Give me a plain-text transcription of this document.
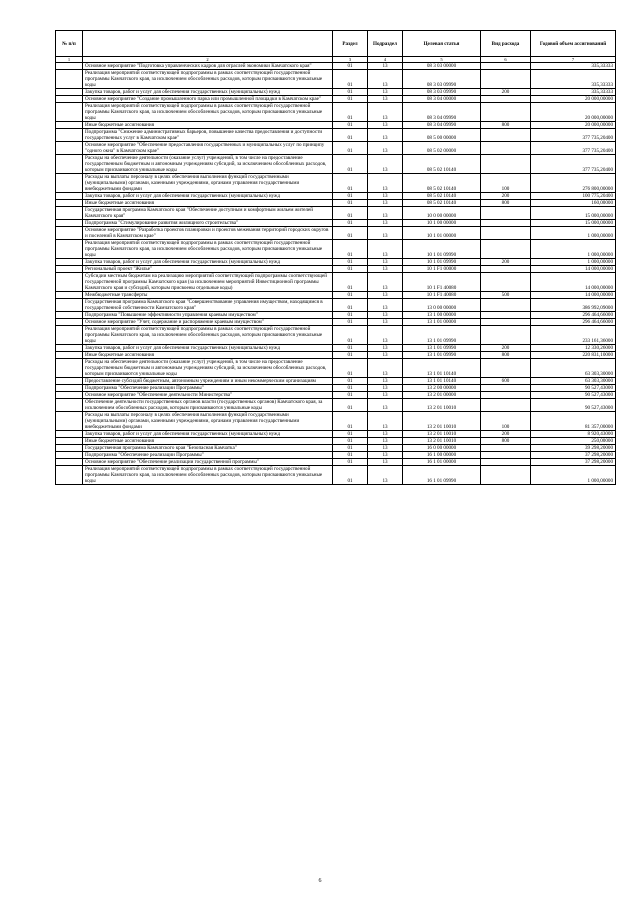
№ п/п		Раздел	Подраздел	Целевая статья	Вид расхода	Годовой объем ассигнований
1	2	3	4	5	6	7
	Основное мероприятие "Подготовка управленческих кадров для отраслей экономики Камчатского края"	01	13	08 3 03 00000		335,33333
	Реализация мероприятий соответствующей подпрограммы в рамках соответствующей государственной программы Камчатского края, за исключением обособленных расходов, которым присваиваются уникальные коды	01	13	08 3 03 09990		335,33333
	Закупка товаров, работ и услуг для обеспечения государственных (муниципальных) нужд	01	13	08 3 03 09990	200	335,33333
	Основное мероприятие "Создание промышленного парка или промышленной площадки в Камчатском крае"	01	13	08 3 04 00000		20 000,00000
	Реализация мероприятий соответствующей подпрограммы в рамках соответствующей государственной программы Камчатского края, за исключением обособленных расходов, которым присваиваются уникальные коды	01	13	08 3 04 09990		20 000,00000
	Иные бюджетные ассигнования	01	13	08 3 04 09990	800	20 000,00000
	Подпрограмма "Снижение административных барьеров, повышение качества предоставления и доступности государственных услуг в Камчатском крае"	01	13	08 5 00 00000		377 735,20400
	Основное мероприятие "Обеспечение предоставления государственных и муниципальных услуг по принципу "одного окна" в Камчатском крае"	01	13	08 5 02 00000		377 735,20400
	Расходы на обеспечение деятельности (оказание услуг) учреждений, в том числе на предоставление государственным бюджетным и автономным учреждениям субсидий, за исключением обособленных расходов, которым присваиваются уникальные коды	01	13	08 5 02 10140		377 735,20400
	Расходы на выплаты персоналу в целях обеспечения выполнения функций государственными (муниципальными) органами, казенными учреждениями, органами управления государственными внебюджетными фондами	01	13	08 5 02 10140	100	276 800,00000
	Закупка товаров, работ и услуг для обеспечения государственных (муниципальных) нужд	01	13	08 5 02 10140	200	100 775,20400
	Иные бюджетные ассигнования	01	13	08 5 02 10140	800	160,00000
	Государственная программа Камчатского края "Обеспечение доступным и комфортным жильем жителей Камчатского края"	01	13	10 0 00 00000		15 000,00000
	Подпрограмма "Стимулирование развития жилищного строительства"	01	13	10 1 00 00000		15 000,00000
	Основное мероприятие "Разработка проектов планировки и проектов межевания территорий городских округов и поселений в Камчатском крае"	01	13	10 1 01 00000		1 000,00000
	Реализация мероприятий соответствующей подпрограммы в рамках соответствующей государственной программы Камчатского края, за исключением обособленных расходов, которым присваиваются уникальные коды	01	13	10 1 01 09990		1 000,00000
	Закупка товаров, работ и услуг для обеспечения государственных (муниципальных) нужд	01	13	10 1 01 09990	200	1 000,00000
	Региональный проект "Жилье"	01	13	10 1 F1 00000		14 000,00000
	Субсидии местным бюджетам на реализацию мероприятий соответствующей подпрограммы соответствующей государственной программы Камчатского края (за исключением мероприятий Инвестиционной программы Камчатского края и субсидий, которым присвоены отдельные коды)	01	13	10 1 F1 40080		14 000,00000
	Межбюджетные трансферты	01	13	10 1 F1 40080	500	14 000,00000
	Государственная программа Камчатского края "Совершенствование управления имуществом, находящимся в государственной собственности Камчатского края"	01	13	13 0 00 00000		386 992,09000
	Подпрограмма "Повышение эффективности управления краевым имуществом"	01	13	13 1 00 00000		296 464,66000
	Основное мероприятие "Учет, содержание и распоряжение краевым имуществом"	01	13	13 1 01 00000		296 464,66000
	Реализация мероприятий соответствующей подпрограммы в рамках соответствующей государственной программы Камчатского края, за исключением обособленных расходов, которым присваиваются уникальные коды	01	13	13 1 01 09990		233 161,36000
	Закупка товаров, работ и услуг для обеспечения государственных (муниципальных) нужд	01	13	13 1 01 09990	200	12 330,26000
	Иные бюджетные ассигнования	01	13	13 1 01 09990	800	220 831,10000
	Расходы на обеспечение деятельности (оказание услуг) учреждений, в том числе на предоставление государственным бюджетным и автономным учреждениям субсидий, за исключением обособленных расходов, которым присваиваются уникальные коды	01	13	13 1 01 10140		63 303,30000
	Предоставление субсидий бюджетным, автономным учреждениям и иным некоммерческим организациям	01	13	13 1 01 10140	600	63 303,30000
	Подпрограмма "Обеспечение реализации Программы"	01	13	13 2 00 00000		90 527,43000
	Основное мероприятие "Обеспечение деятельности Министерства"	01	13	13 2 01 00000		90 527,43000
	Обеспечение деятельности государственных органов власти (государственных органов) Камчатского края, за исключением обособленных расходов, которым присваиваются уникальные коды	01	13	13 2 01 10010		90 527,43000
	Расходы на выплаты персоналу в целях обеспечения выполнения функций государственными (муниципальными) органами, казенными учреждениями, органами управления государственными внебюджетными фондами	01	13	13 2 01 10010	100	81 357,00000
	Закупка товаров, работ и услуг для обеспечения государственных (муниципальных) нужд	01	13	13 2 01 10010	200	8 920,43000
	Иные бюджетные ассигнования	01	13	13 2 01 10010	800	250,00000
	Государственная программа Камчатского края "Безопасная Камчатка"	01	13	16 0 00 00000		39 298,20000
	Подпрограмма "Обеспечение реализации Программы"	01	13	16 1 00 00000		37 298,20000
	Основное мероприятие "Обеспечение реализации государственной программы"	01	13	16 1 01 00000		37 298,20000
	Реализация мероприятий соответствующей подпрограммы в рамках соответствующей государственной программы Камчатского края, за исключением обособленных расходов, которым присваиваются уникальные коды	01	13	16 1 01 09990		1 000,00000
6
